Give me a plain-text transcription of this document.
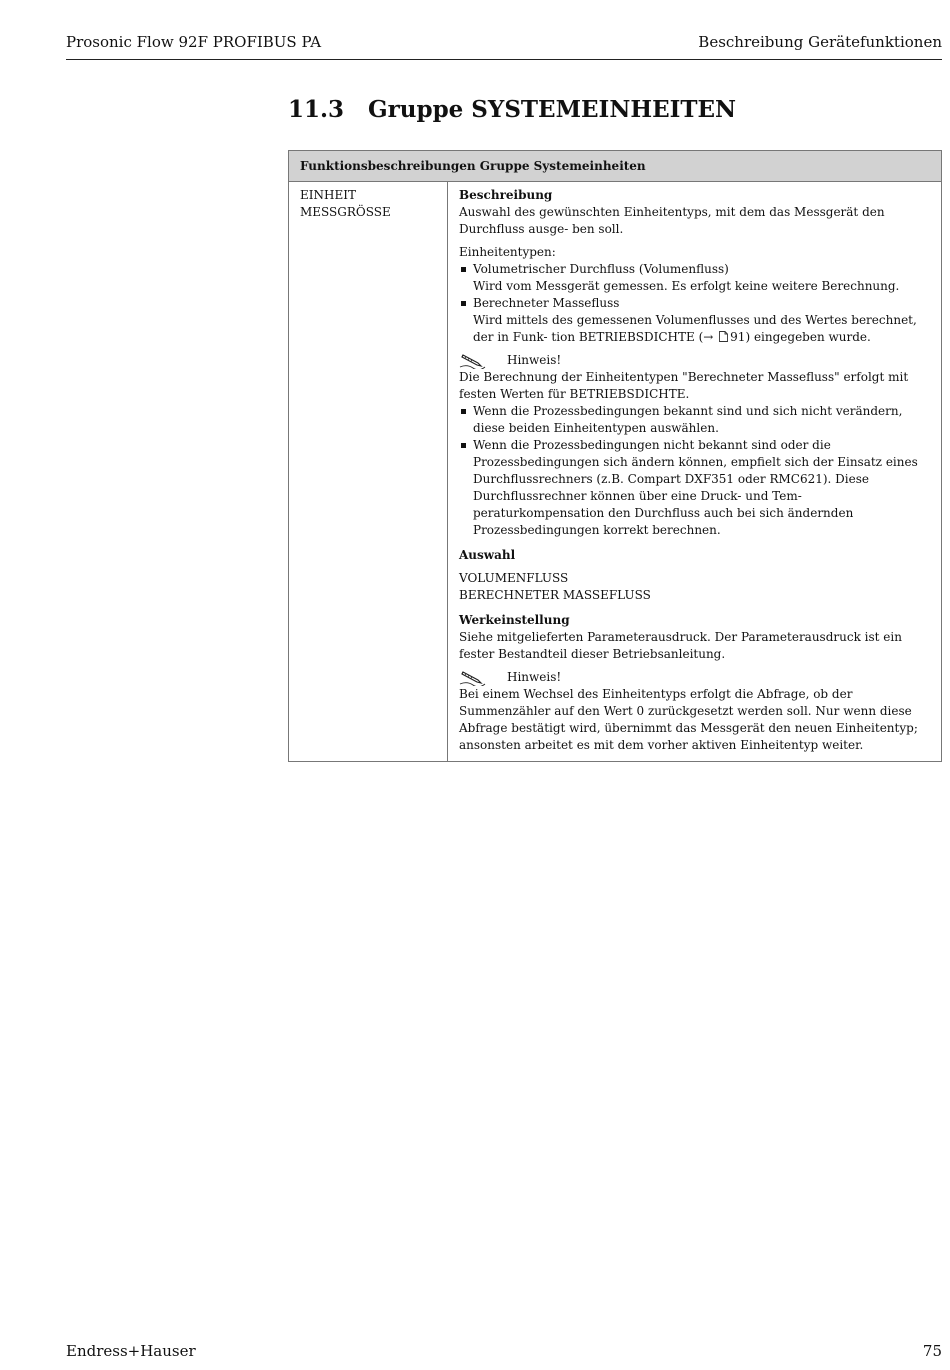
Prosonic Flow 92F PROFIBUS PA	Beschreibung Gerätefunktionen
11.3 Gruppe SYSTEMEINHEITEN
Funktionsbeschreibungen Gruppe Systemeinheiten
EINHEIT MESSGRÖSSE	

Beschreibung

Auswahl des gewünschten Einheitentyps, mit dem das Messgerät den Durchfluss ausge- ben soll.

Einheitentypen:

Volumetrischer Durchfluss (Volumenfluss)
Wird vom Messgerät gemessen. Es erfolgt keine weitere Berechnung.
Berechneter Massefluss
Wird mittels des gemessenen Volumenflusses und des Wertes berechnet, der in Funk- tion BETRIEBSDICHTE (→ 91) eingegeben wurde.
Hinweis!

Die Berechnung der Einheitentypen "Berechneter Massefluss" erfolgt mit festen Werten für BETRIEBSDICHTE.

Wenn die Prozessbedingungen bekannt sind und sich nicht verändern, diese beiden Einheitentypen auswählen.
Wenn die Prozessbedingungen nicht bekannt sind oder die Prozessbedingungen sich ändern können, empfielt sich der Einsatz eines Durchflussrechners (z.B. Compart DXF351 oder RMC621). Diese Durchflussrechner können über eine Druck- und Tem- peraturkompensation den Durchfluss auch bei sich ändernden Prozessbedingungen korrekt berechnen.

Auswahl

VOLUMENFLUSS

BERECHNETER MASSEFLUSS

Werkeinstellung

Siehe mitgelieferten Parameterausdruck. Der Parameterausdruck ist ein fester Bestandteil dieser Betriebsanleitung.

Hinweis!

Bei einem Wechsel des Einheitentyps erfolgt die Abfrage, ob der Summenzähler auf den Wert 0 zurückgesetzt werden soll. Nur wenn diese Abfrage bestätigt wird, übernimmt das Messgerät den neuen Einheitentyp; ansonsten arbeitet es mit dem vorher aktiven Einheitentyp weiter.

Endress+Hauser	75
